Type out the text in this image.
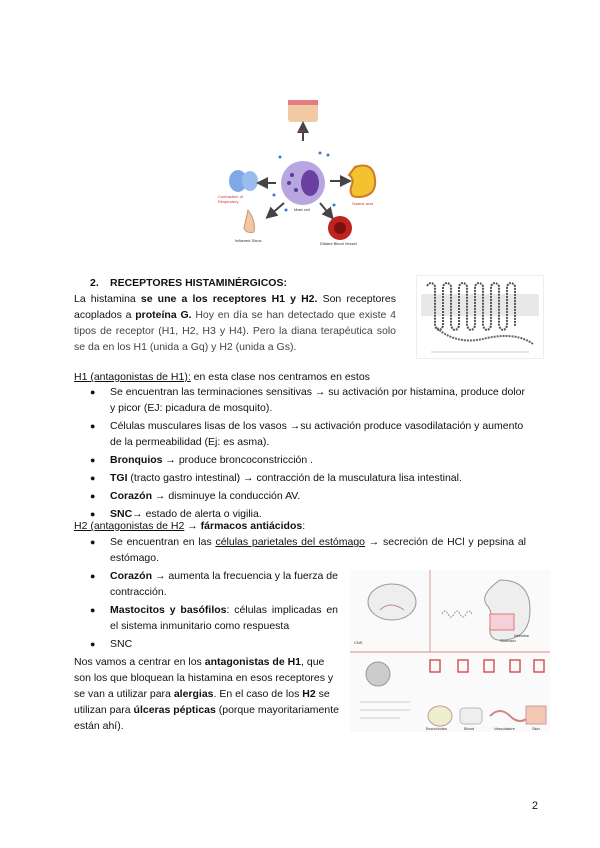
Itch
Contraction of
Respiratory
Mast cell
Gastric acid
Inflamed Sinus
Dilated Blood Vessel
2. RECEPTORES HISTAMINÉRGICOS:
La histamina se une a los receptores H1 y H2. Son receptores acoplados a proteína G. Hoy en día se han detectado que existe 4 tipos de receptor (H1, H2, H3 y H4). Pero la diana terapéutica solo se da en los H1 (unida a Gq) y H2 (unida a Gs).
H1 (antagonistas de H1): en esta clase nos centramos en estos
● Se encuentran las terminaciones sensitivas → su activación por histamina, produce dolor y picor (EJ: picadura de mosquito).
● Células musculares lisas de los vasos →su activación produce vasodilatación y aumento de la permeabilidad (Ej: es asma).
● Bronquios → produce broncoconstricción .
● TGI (tracto gastro intestinal) → contracción de la musculatura lisa intestinal.
● Corazón → disminuye la conducción AV.
● SNC→ estado de alerta o vigilia.
H2 (antagonistas de H2 → fármacos antiácidos:
● Se encuentran en las células parietales del estómago → secreción de HCl y pepsina al estómago.
● Corazón → aumenta la frecuencia y la fuerza de contracción.
● Mastocitos y basófilos: células implicadas en el sistema inmunitario como respuesta
● SNC
Nos vamos a centrar en los antagonistas de H1, que son los que bloquean la histamina en esos receptores y se van a utilizar para alergias. En el caso de los H2 se utilizan para úlceras pépticas (porque mayoritariamente están ahí).
CNS	Stomach
Bronchioles	Blood	Vasculature	Skin
Intestine
2
